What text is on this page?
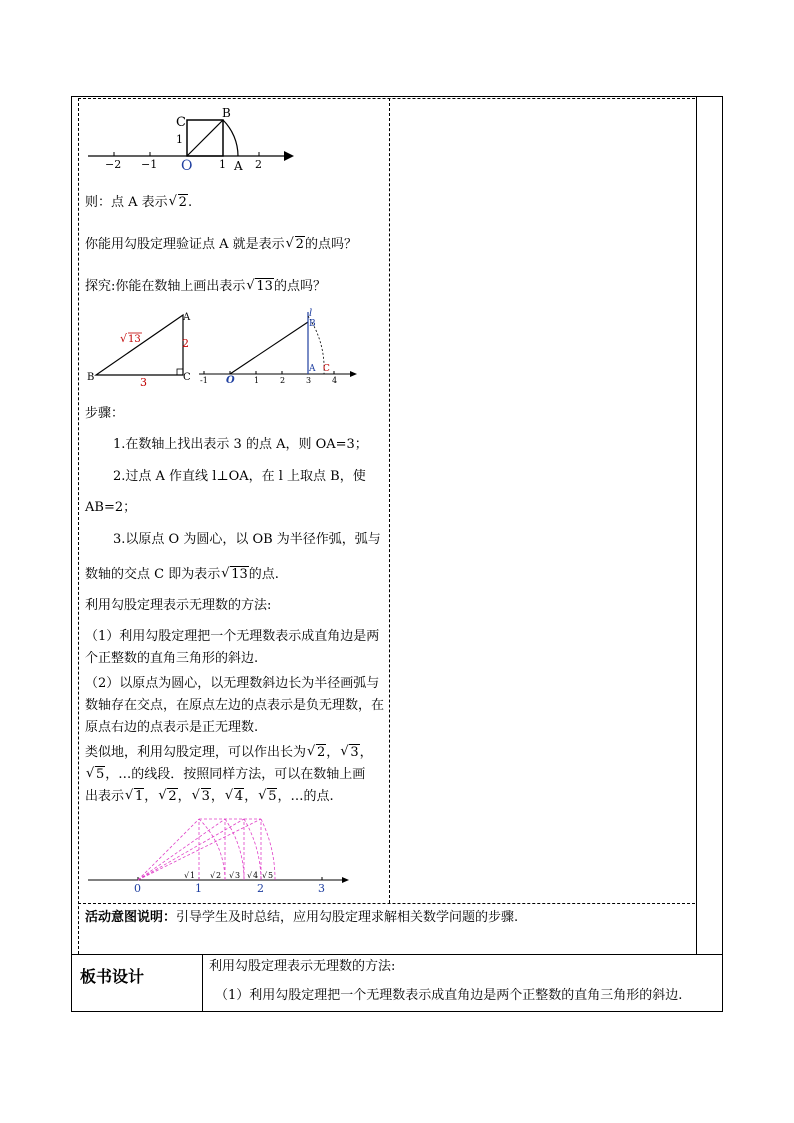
C
B
1
O	A
−2 −1	1	2
则：点 A 表示 √ 2.
你能用勾股定理验证点 A 就是表示 √ 2的点吗？
探究:你能在数轴上画出表示 √ 13的点吗？
A
B	C
2
3
√ 13
l
B
A C
O
-1	1	2	3	4
步骤：
1.在数轴上找出表示 3 的点 A，则 OA=3；
2.过点 A 作直线 l⊥OA，在 l 上取点 B，使
AB=2；
3.以原点 O 为圆心，以 OB 为半径作弧，弧与
数轴的交点 C 即为表示 √ 13的点.
利用勾股定理表示无理数的方法:
（1）利用勾股定理把一个无理数表示成直角边是两个正整数的直角三角形的斜边.
（2）以原点为圆心，以无理数斜边长为半径画弧与数轴存在交点，在原点左边的点表示是负无理数，在原点右边的点表示是正无理数.
类似地，利用勾股定理，可以作出长为 √ 2， √ 3，
√ 5，…的线段．按照同样方法，可以在数轴上画
出表示 √ 1， √ 2， √ 3， √ 4， √ 5，…的点.
0	1	2	3
√ 1 √ 2 √ 3 √ 4 √ 5
活动意图说明：引导学生及时总结，应用勾股定理求解相关数学问题的步骤.
板书设计
利用勾股定理表示无理数的方法:
（1）利用勾股定理把一个无理数表示成直角边是两个正整数的直角三角形的斜边.
